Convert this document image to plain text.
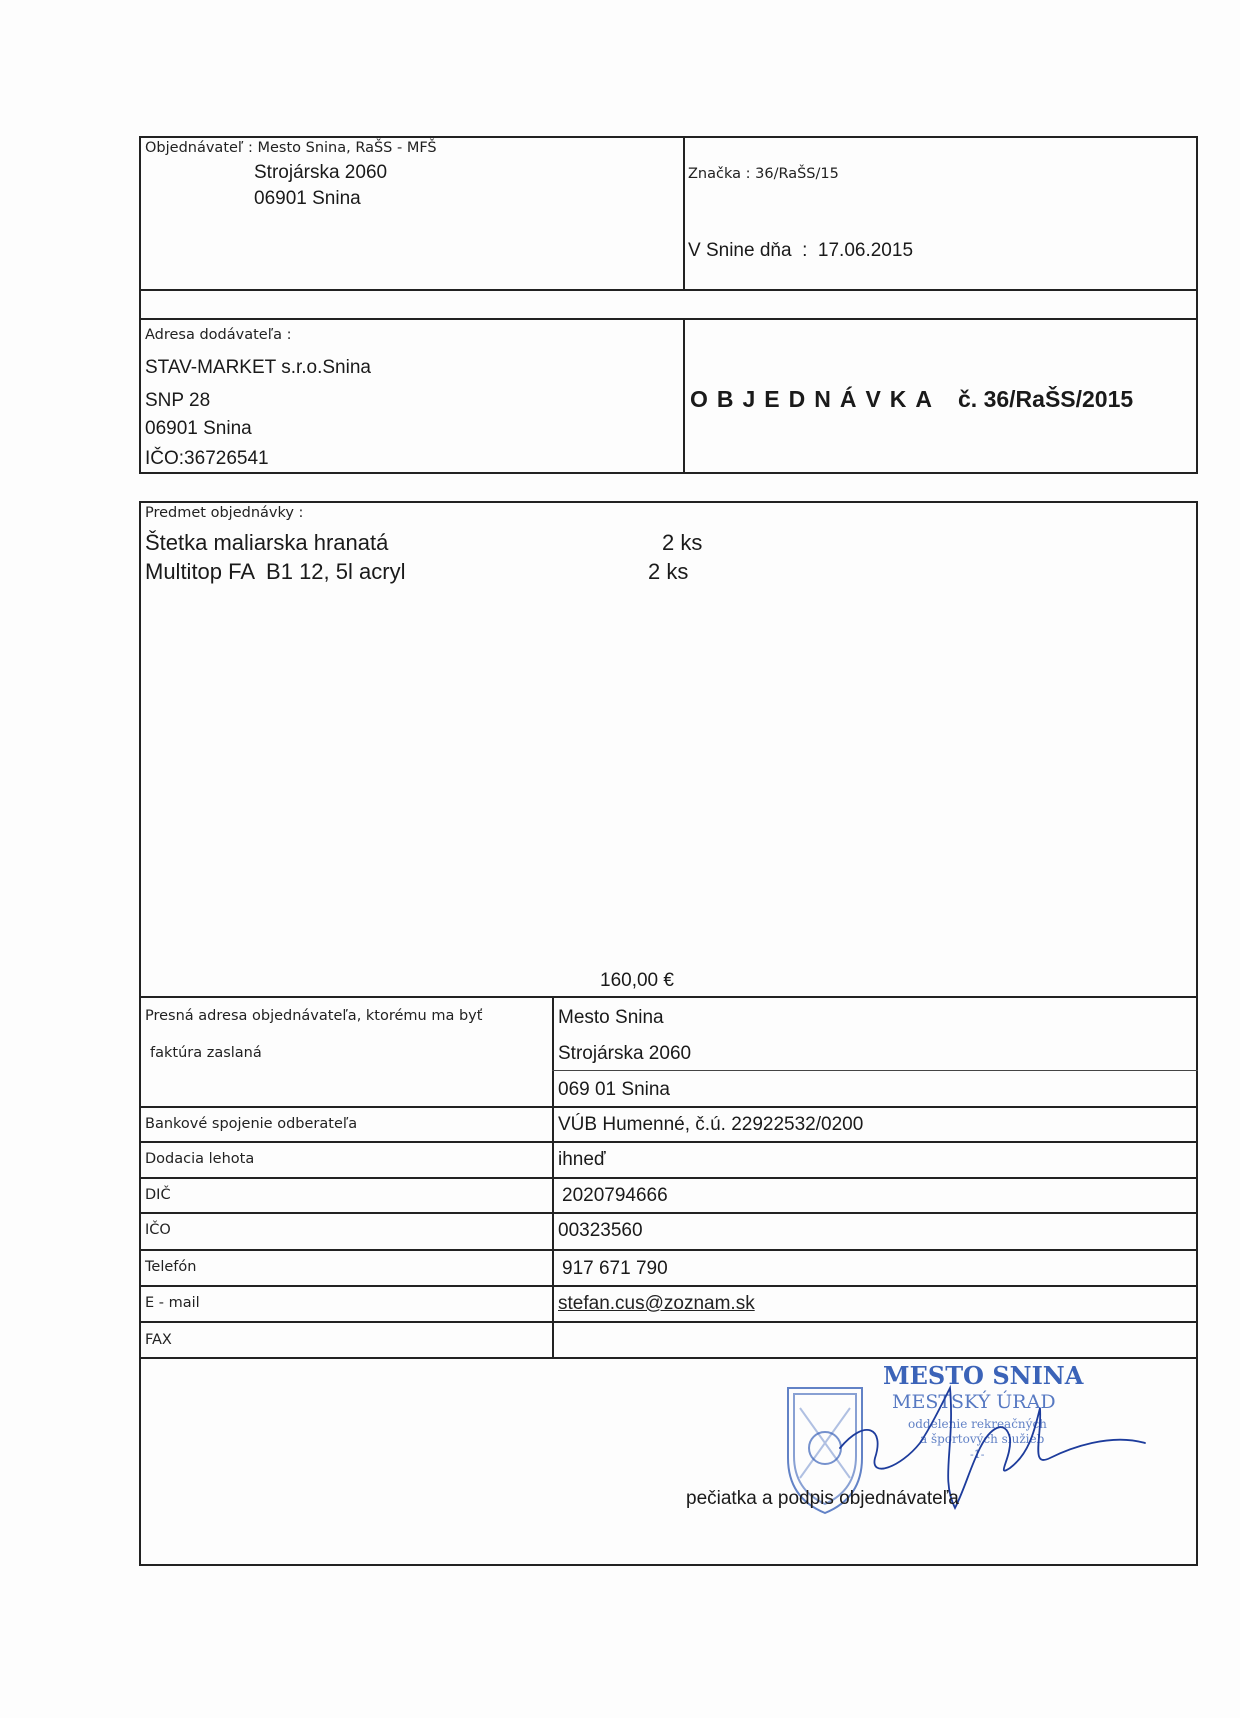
Objednávateľ : Mesto Snina, RaŠS - MFŠ
Strojárska 2060
06901 Snina
Značka : 36/RaŠS/15
V Snine dňa  :  17.06.2015
Adresa dodávateľa :
STAV-MARKET s.r.o.Snina
SNP 28
06901 Snina
IČO:36726541
OBJEDNÁVKA č. 36/RaŠS/2015
Predmet objednávky :
Štetka maliarska hranatá	2 ks
Multitop FA  B1 12, 5l acryl	2 ks
160,00 €
Presná adresa objednávateľa, ktorému ma byť
faktúra zaslaná
Mesto Snina
Strojárska 2060
069 01 Snina
Bankové spojenie odberateľa	VÚB Humenné, č.ú. 22922532/0200
Dodacia lehota	ihneď
DIČ	2020794666
IČO	00323560
Telefón	917 671 790
E - mail	stefan.cus@zoznam.sk
FAX
MESTO SNINA
MESTSKÝ ÚRAD
oddelenie rekreačných
a športových služieb
-1-
pečiatka a podpis objednávateľa
